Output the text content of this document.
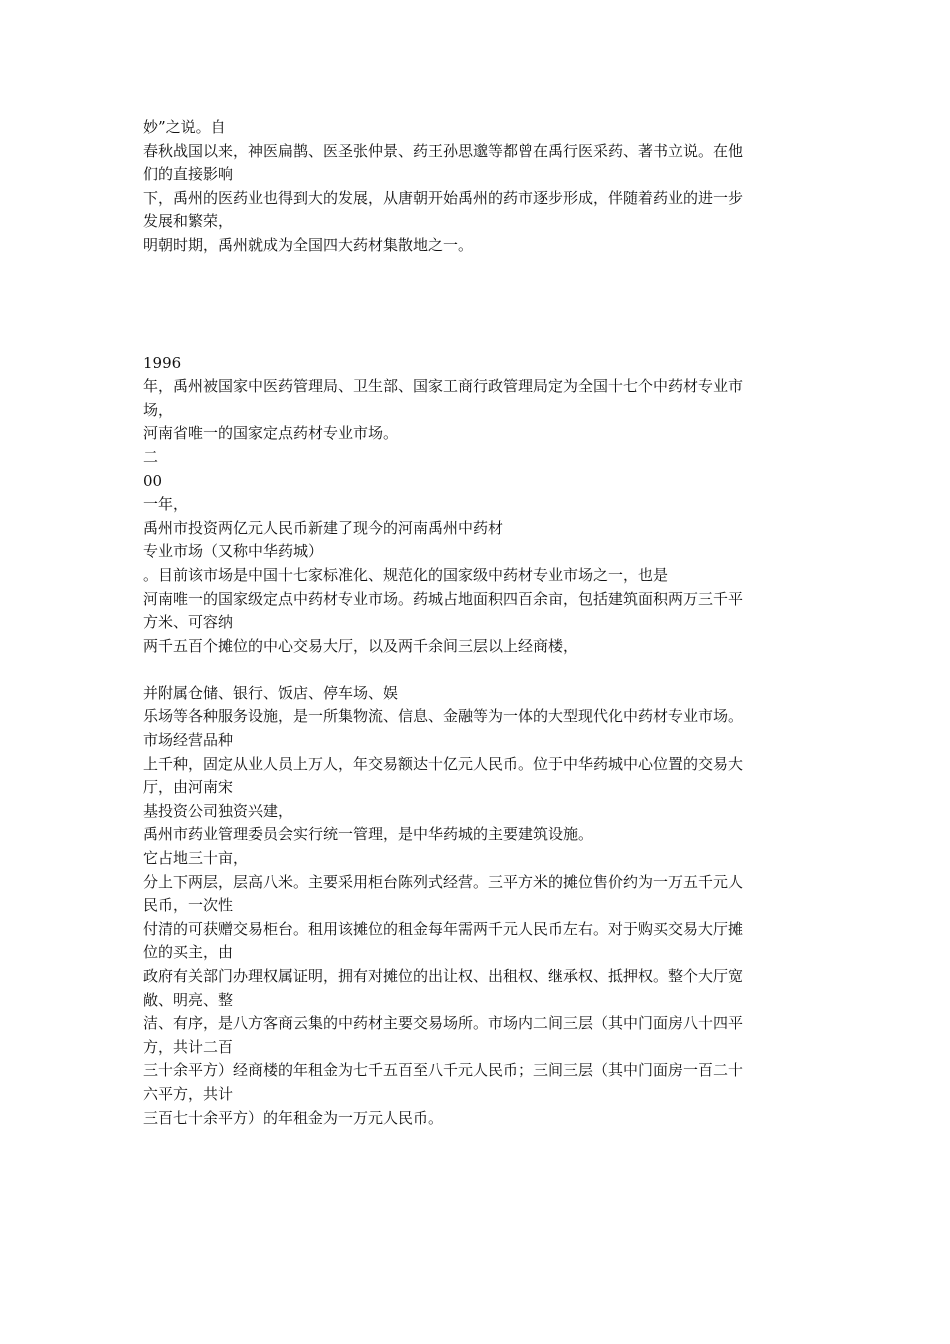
妙”之说。自
春秋战国以来，神医扁鹊、医圣张仲景、药王孙思邈等都曾在禹行医采药、著书立说。在他
们的直接影响
下，禹州的医药业也得到大的发展，从唐朝开始禹州的药市逐步形成，伴随着药业的进一步
发展和繁荣，
明朝时期，禹州就成为全国四大药材集散地之一。
1996
年，禹州被国家中医药管理局、卫生部、国家工商行政管理局定为全国十七个中药材专业市
场，
河南省唯一的国家定点药材专业市场。
二
00
一年，
禹州市投资两亿元人民币新建了现今的河南禹州中药材
专业市场（又称中华药城）
。目前该市场是中国十七家标准化、规范化的国家级中药材专业市场之一，也是
河南唯一的国家级定点中药材专业市场。药城占地面积四百余亩，包括建筑面积两万三千平
方米、可容纳
两千五百个摊位的中心交易大厅，以及两千余间三层以上经商楼，
并附属仓储、银行、饭店、停车场、娱
乐场等各种服务设施，是一所集物流、信息、金融等为一体的大型现代化中药材专业市场。
市场经营品种
上千种，固定从业人员上万人，年交易额达十亿元人民币。位于中华药城中心位置的交易大
厅，由河南宋
基投资公司独资兴建，
禹州市药业管理委员会实行统一管理，是中华药城的主要建筑设施。
它占地三十亩，
分上下两层，层高八米。主要采用柜台陈列式经营。三平方米的摊位售价约为一万五千元人
民币，一次性
付清的可获赠交易柜台。租用该摊位的租金每年需两千元人民币左右。对于购买交易大厅摊
位的买主，由
政府有关部门办理权属证明，拥有对摊位的出让权、出租权、继承权、抵押权。整个大厅宽
敞、明亮、整
洁、有序，是八方客商云集的中药材主要交易场所。市场内二间三层（其中门面房八十四平
方，共计二百
三十余平方）经商楼的年租金为七千五百至八千元人民币；三间三层（其中门面房一百二十
六平方，共计
三百七十余平方）的年租金为一万元人民币。
